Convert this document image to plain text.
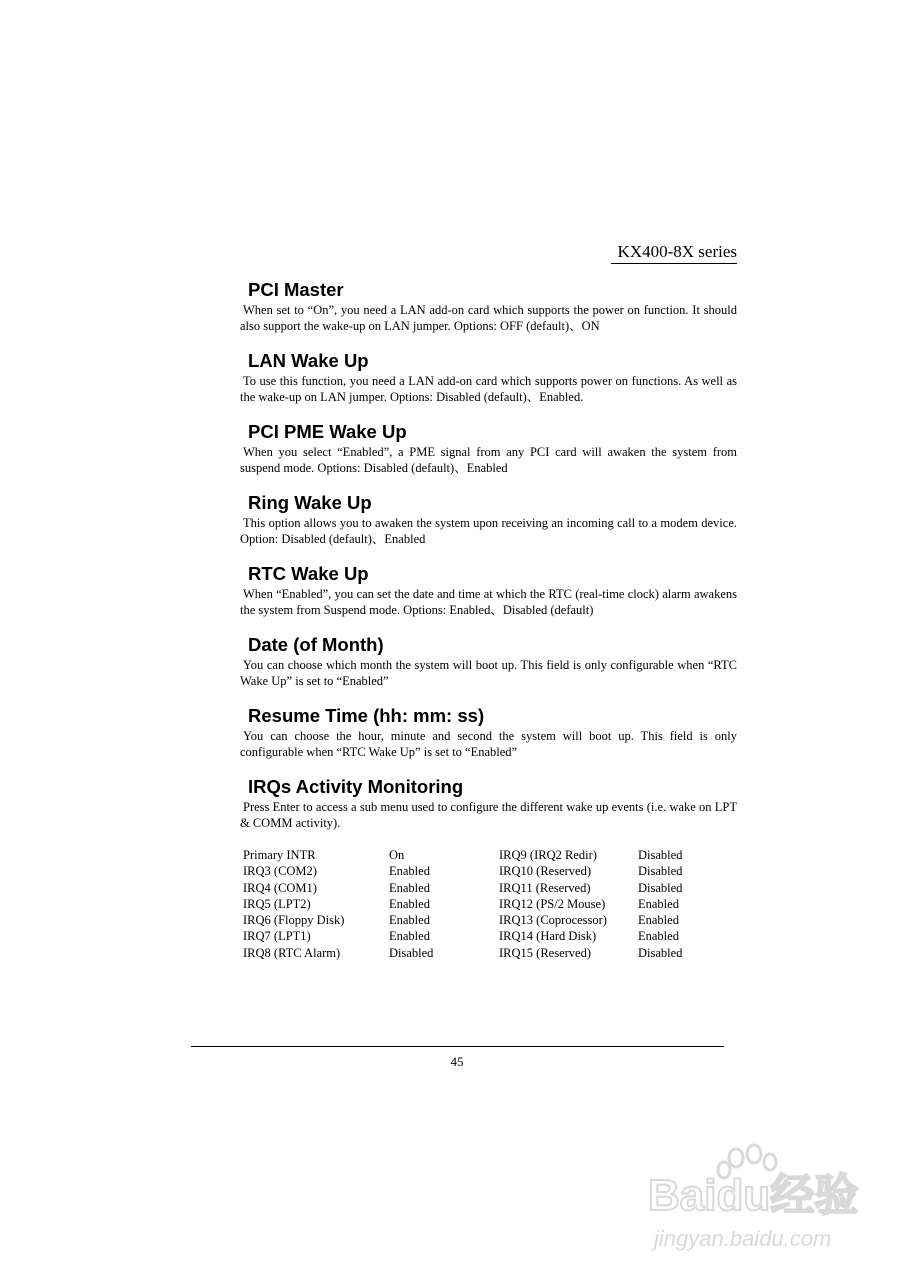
KX400-8X series
PCI Master

When set to “On”, you need a LAN add-on card which supports the power on function. It should also support the wake-up on LAN jumper. Options: OFF (default)、ON

LAN Wake Up

To use this function, you need a LAN add-on card which supports power on functions. As well as the wake-up on LAN jumper. Options: Disabled (default)、Enabled.

PCI PME Wake Up

When you select “Enabled”, a PME signal from any PCI card will awaken the system from suspend mode. Options: Disabled (default)、Enabled

Ring Wake Up

This option allows you to awaken the system upon receiving an incoming call to a modem device. Option: Disabled (default)、Enabled

RTC Wake Up

When “Enabled”, you can set the date and time at which the RTC (real-time clock) alarm awakens the system from Suspend mode. Options: Enabled、Disabled (default)

Date (of Month)

You can choose which month the system will boot up. This field is only configurable when “RTC Wake Up” is set to “Enabled”

Resume Time (hh: mm: ss)

You can choose the hour, minute and second the system will boot up. This field is only configurable when “RTC Wake Up” is set to “Enabled”

IRQs Activity Monitoring

Press Enter to access a sub menu used to configure the different wake up events (i.e. wake on LPT & COMM activity).

Primary INTR	On	IRQ9 (IRQ2 Redir)	Disabled
IRQ3 (COM2)	Enabled	IRQ10 (Reserved)	Disabled
IRQ4 (COM1)	Enabled	IRQ11 (Reserved)	Disabled
IRQ5 (LPT2)	Enabled	IRQ12 (PS/2 Mouse)	Enabled
IRQ6 (Floppy Disk)	Enabled	IRQ13 (Coprocessor)	Enabled
IRQ7 (LPT1)	Enabled	IRQ14 (Hard Disk)	Enabled
IRQ8 (RTC Alarm)	Disabled	IRQ15 (Reserved)	Disabled
45
Baidu经验
jingyan.baidu.com
